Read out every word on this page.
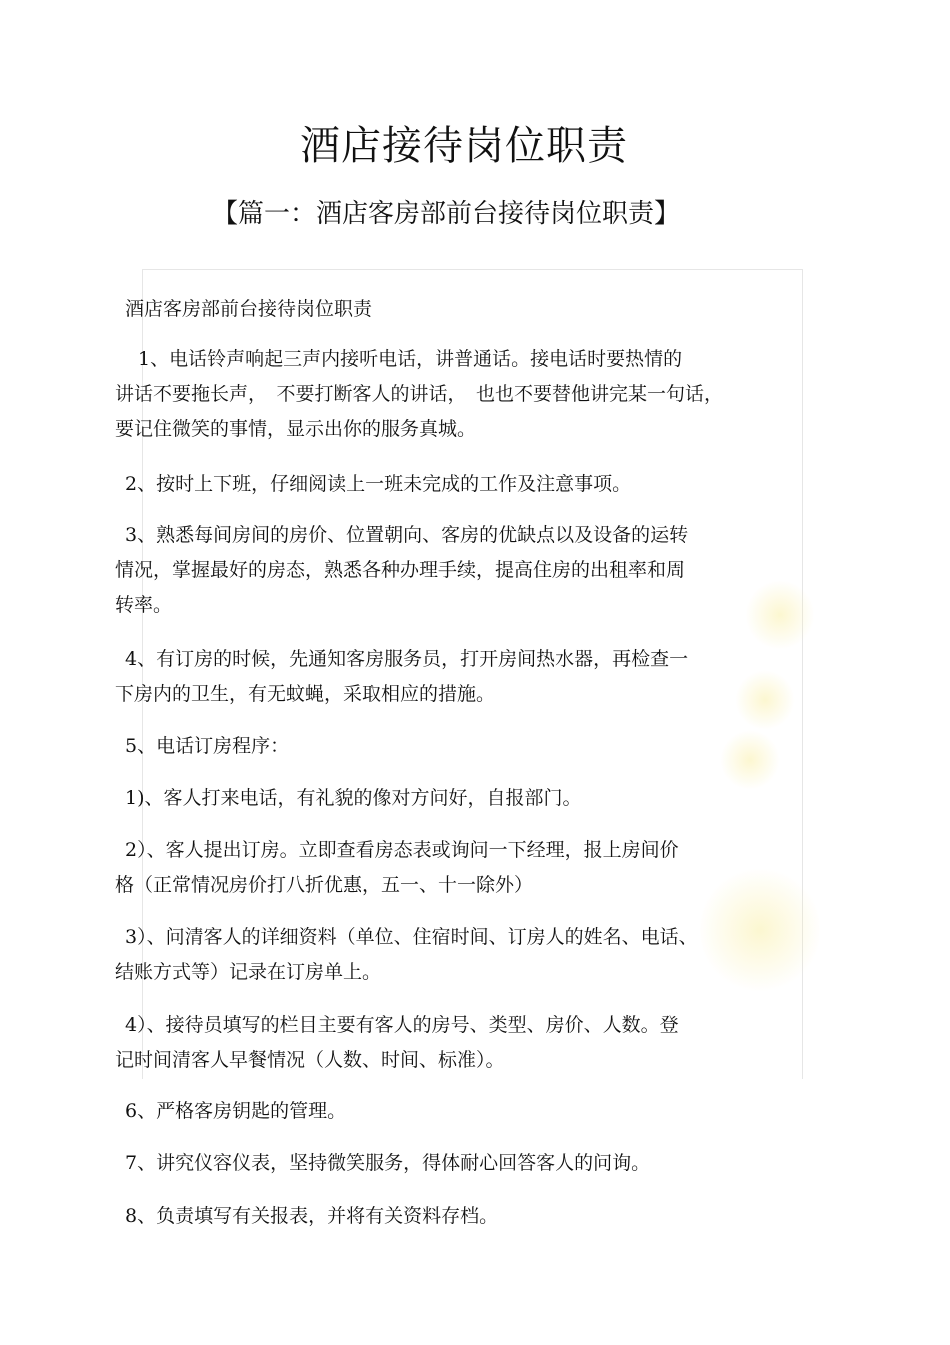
酒店接待岗位职责
【篇一：酒店客房部前台接待岗位职责】
酒店客房部前台接待岗位职责
1、电话铃声响起三声内接听电话，讲普通话。接电话时要热情的
讲话不要拖长声，　不要打断客人的讲话，　也也不要替他讲完某一句话，
要记住微笑的事情，显示出你的服务真城。
2、按时上下班，仔细阅读上一班未完成的工作及注意事项。
3、熟悉每间房间的房价、位置朝向、客房的优缺点以及设备的运转
情况，掌握最好的房态，熟悉各种办理手续，提高住房的出租率和周
转率。
4、有订房的时候，先通知客房服务员，打开房间热水器，再检查一
下房内的卫生，有无蚊蝇，采取相应的措施。
5、电话订房程序：
1)、客人打来电话，有礼貌的像对方问好，自报部门。
2）、客人提出订房。立即查看房态表或询问一下经理，报上房间价
格（正常情况房价打八折优惠，五一、十一除外）
3）、问清客人的详细资料（单位、住宿时间、订房人的姓名、电话、
结账方式等）记录在订房单上。
4）、接待员填写的栏目主要有客人的房号、类型、房价、人数。登
记时间清客人早餐情况（人数、时间、标准）。
6、严格客房钥匙的管理。
7、讲究仪容仪表，坚持微笑服务，得体耐心回答客人的问询。
8、负责填写有关报表，并将有关资料存档。
